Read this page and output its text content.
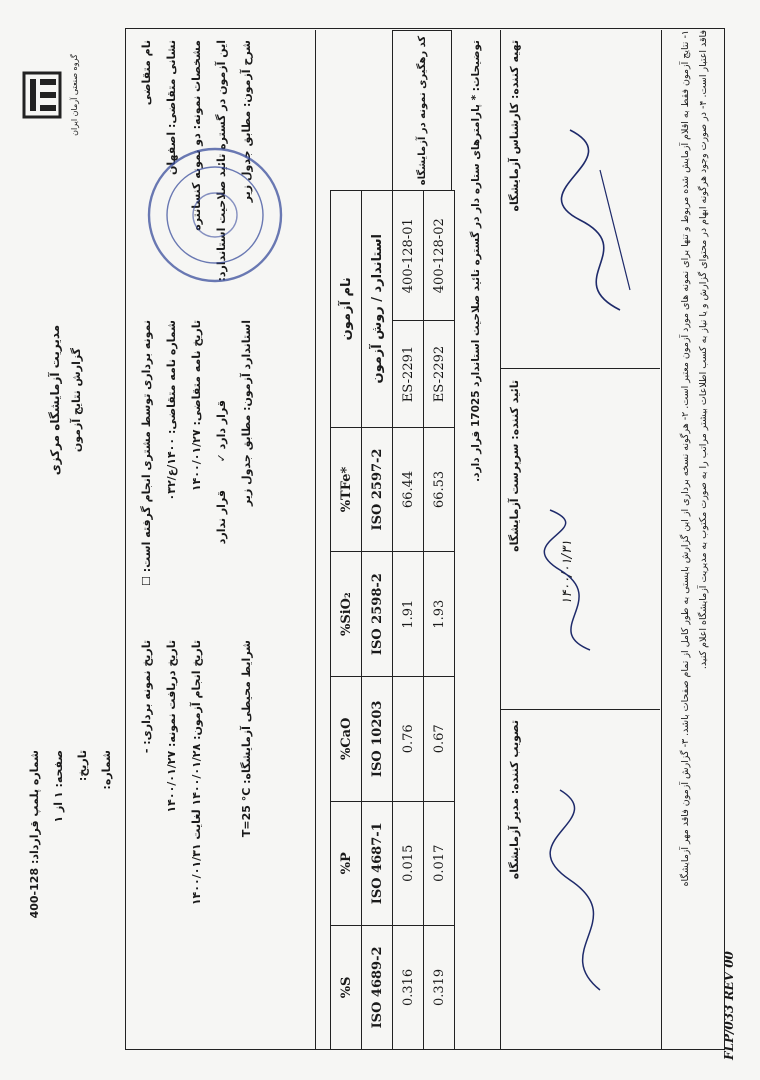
FLP/033 REV 00
گروه صنعتی آرمان ایران
مدیریت آزمایشگاه مرکزی گزارش نتایج آزمون
شماره پلمپ قرارداد: 128-400 صفحه: ۱ از ۱ تاریخ: شماره:
نام متقاضی نشانی متقاضی: اصفهان مشخصات نمونه: دو نمونه کنسانتره این آزمون در گستره تائید صلاحیت استاندارد: شرح آزمون: مطابق جدول زیر
نمونه برداری توسط مشتری انجام گرفته است: ☐ شماره نامه متقاضی: ۱۴۰۰/ع/۰۳۲
تاریخ نامه متقاضی: ۱۴۰۰/۰۱/۲۷
قرار دارد ✓
قرار ندارد
استاندارد آزمون: مطابق جدول زیر
تاریخ نمونه برداری: -
تاریخ دریافت نمونه: ۱۴۰۰/۰۱/۲۷
تاریخ انجام آزمون: ۱۴۰۰/۰۱/۲۸ لغایت ۱۴۰۰/۰۱/۳۱
شرایط محیطی آزمایشگاه: T=25 °C
%S	%P	%CaO	%SiO₂	%TFe*	نام آزمون	
ISO 4689-2	ISO 4687-1	ISO 10203	ISO 2598-2	ISO 2597-2	استاندارد / روش آزمون	
0.316	0.015	0.76	1.91	66.44	ES-2291	400-128-01
0.319	0.017	0.67	1.93	66.53	ES-2292	400-128-02
کد رهگیری نمونه در آزمایشگاه
توضیحات: * پارامترهای ستاره دار در گستره تائید صلاحیت استاندارد 17025 قرار دارد. تهیه کننده: کارشناس آزمایشگاه
تائید کننده: سرپرست آزمایشگاه
تصویب کننده: مدیر آزمایشگاه
۱۴۰۰/۰۱/۳۱
۱- نتایج آزمون فقط به اقلام آزمایش شده مربوط و تنها برای نمونه های مورد آزمون معتبر است. ۲- هرگونه نسخه برداری از این گزارش بایستی به طور کامل از تمام صفحات باشد. ۳- گزارش آزمون فاقد مهر آزمایشگاه
فاقد اعتبار است. ۴- در صورت وجود هرگونه ابهام در محتوای گزارش و یا نیاز به کسب اطلاعات بیشتر مراتب را به صورت مکتوب به مدیریت آزمایشگاه اعلام کنید.
